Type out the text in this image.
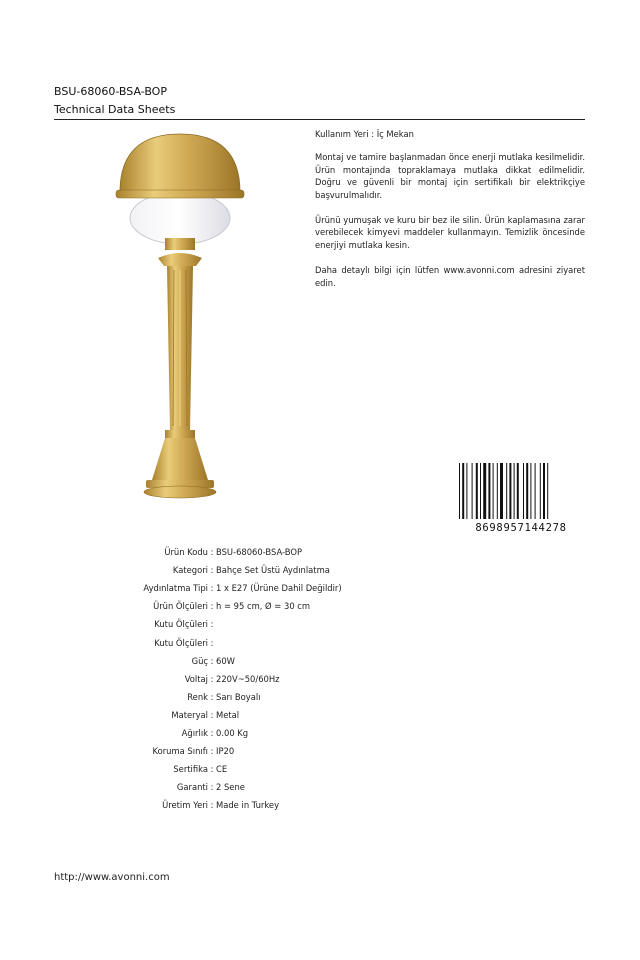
BSU-68060-BSA-BOP
Technical Data Sheets

Kullanım Yeri : İç Mekan

Montaj ve tamire başlanmadan önce enerji mutlaka kesilmelidir. Ürün montajında topraklamaya mutlaka dikkat edilmelidir. Doğru ve güvenli bir montaj için sertifikalı bir elektrikçiye başvurulmalıdır.

Ürünü yumuşak ve kuru bir bez ile silin. Ürün kaplamasına zarar verebilecek kimyevi maddeler kullanmayın. Temizlik öncesinde enerjiyi mutlaka kesin.

Daha detaylı bilgi için lütfen www.avonni.com adresini ziyaret edin.

8698957144278
Ürün Kodu : BSU-68060-BSA-BOP
Kategori : Bahçe Set Üstü Aydınlatma
Aydınlatma Tipi : 1 x E27 (Ürüne Dahil Değildir)
Ürün Ölçüleri : h = 95 cm, Ø = 30 cm
Kutu Ölçüleri :
Kutu Ölçüleri :
Güç : 60W
Voltaj : 220V~50/60Hz
Renk : Sarı Boyalı
Materyal : Metal
Ağırlık : 0.00 Kg
Koruma Sınıfı : IP20
Sertifika : CE
Garanti : 2 Sene
Üretim Yeri : Made in Turkey
http://www.avonni.com
